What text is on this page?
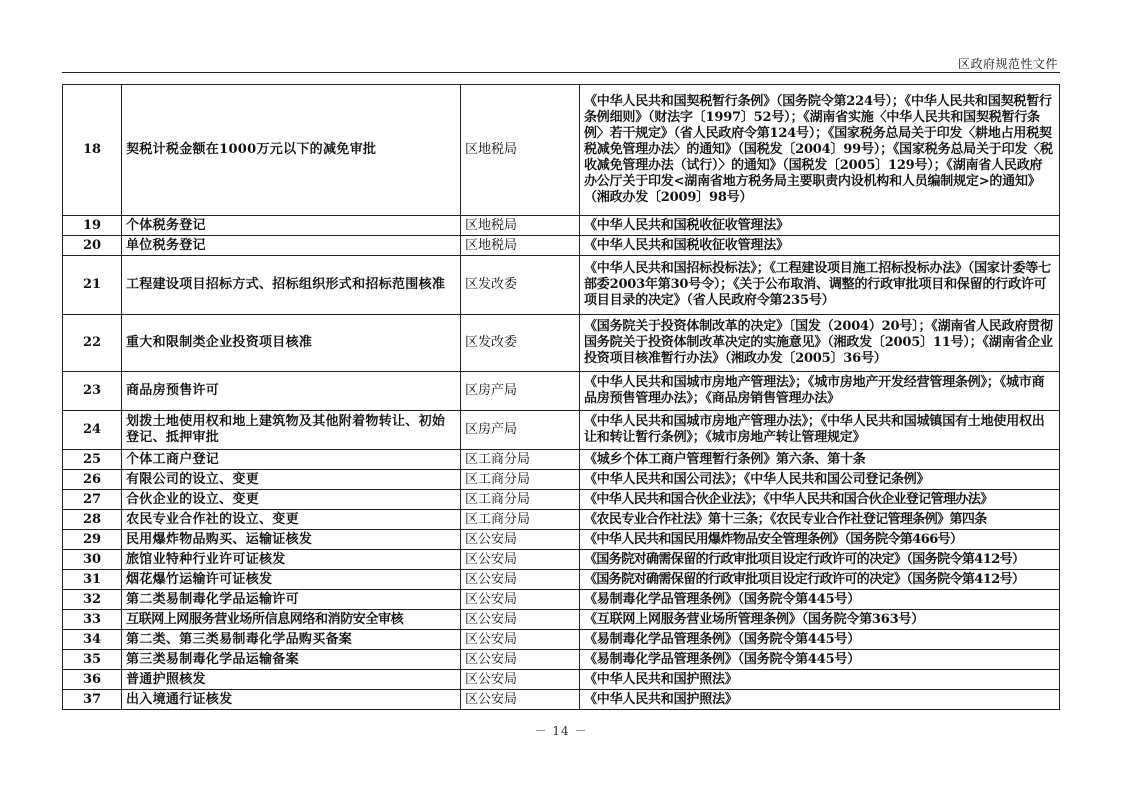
区政府规范性文件
18	契税计税金额在1000万元以下的减免审批	区地税局	《中华人民共和国契税暂行条例》（国务院令第224号）；《中华人民共和国契税暂行条例细则》（财法字〔1997〕52号）；《湖南省实施〈中华人民共和国契税暂行条例〉若干规定》（省人民政府令第124号）；《国家税务总局关于印发〈耕地占用税契税减免管理办法〉的通知》（国税发〔2004〕99号）；《国家税务总局关于印发〈税收减免管理办法（试行）〉的通知》（国税发〔2005〕129号）；《湖南省人民政府办公厅关于印发<湖南省地方税务局主要职责内设机构和人员编制规定>的通知》（湘政办发〔2009〕98号）
19	个体税务登记	区地税局	《中华人民共和国税收征收管理法》
20	单位税务登记	区地税局	《中华人民共和国税收征收管理法》
21	工程建设项目招标方式、招标组织形式和招标范围核准	区发改委	《中华人民共和国招标投标法》；《工程建设项目施工招标投标办法》（国家计委等七部委2003年第30号令）；《关于公布取消、调整的行政审批项目和保留的行政许可项目目录的决定》（省人民政府令第235号）
22	重大和限制类企业投资项目核准	区发改委	《国务院关于投资体制改革的决定》〔国发（2004）20号〕；《湖南省人民政府贯彻国务院关于投资体制改革决定的实施意见》（湘政发〔2005〕11号）；《湖南省企业投资项目核准暂行办法》（湘政办发〔2005〕36号）
23	商品房预售许可	区房产局	《中华人民共和国城市房地产管理法》；《城市房地产开发经营管理条例》；《城市商品房预售管理办法》；《商品房销售管理办法》
24	划拨土地使用权和地上建筑物及其他附着物转让、初始登记、抵押审批	区房产局	《中华人民共和国城市房地产管理办法》；《中华人民共和国城镇国有土地使用权出让和转让暂行条例》；《城市房地产转让管理规定》
25	个体工商户登记	区工商分局	《城乡个体工商户管理暂行条例》第六条、第十条
26	有限公司的设立、变更	区工商分局	《中华人民共和国公司法》；《中华人民共和国公司登记条例》
27	合伙企业的设立、变更	区工商分局	《中华人民共和国合伙企业法》；《中华人民共和国合伙企业登记管理办法》
28	农民专业合作社的设立、变更	区工商分局	《农民专业合作社法》第十三条；《农民专业合作社登记管理条例》第四条
29	民用爆炸物品购买、运输证核发	区公安局	《中华人民共和国民用爆炸物品安全管理条例》（国务院令第466号）
30	旅馆业特种行业许可证核发	区公安局	《国务院对确需保留的行政审批项目设定行政许可的决定》（国务院令第412号）
31	烟花爆竹运输许可证核发	区公安局	《国务院对确需保留的行政审批项目设定行政许可的决定》（国务院令第412号）
32	第二类易制毒化学品运输许可	区公安局	《易制毒化学品管理条例》（国务院令第445号）
33	互联网上网服务营业场所信息网络和消防安全审核	区公安局	《互联网上网服务营业场所管理条例》（国务院令第363号）
34	第二类、第三类易制毒化学品购买备案	区公安局	《易制毒化学品管理条例》（国务院令第445号）
35	第三类易制毒化学品运输备案	区公安局	《易制毒化学品管理条例》（国务院令第445号）
36	普通护照核发	区公安局	《中华人民共和国护照法》
37	出入境通行证核发	区公安局	《中华人民共和国护照法》
－ 14 －
